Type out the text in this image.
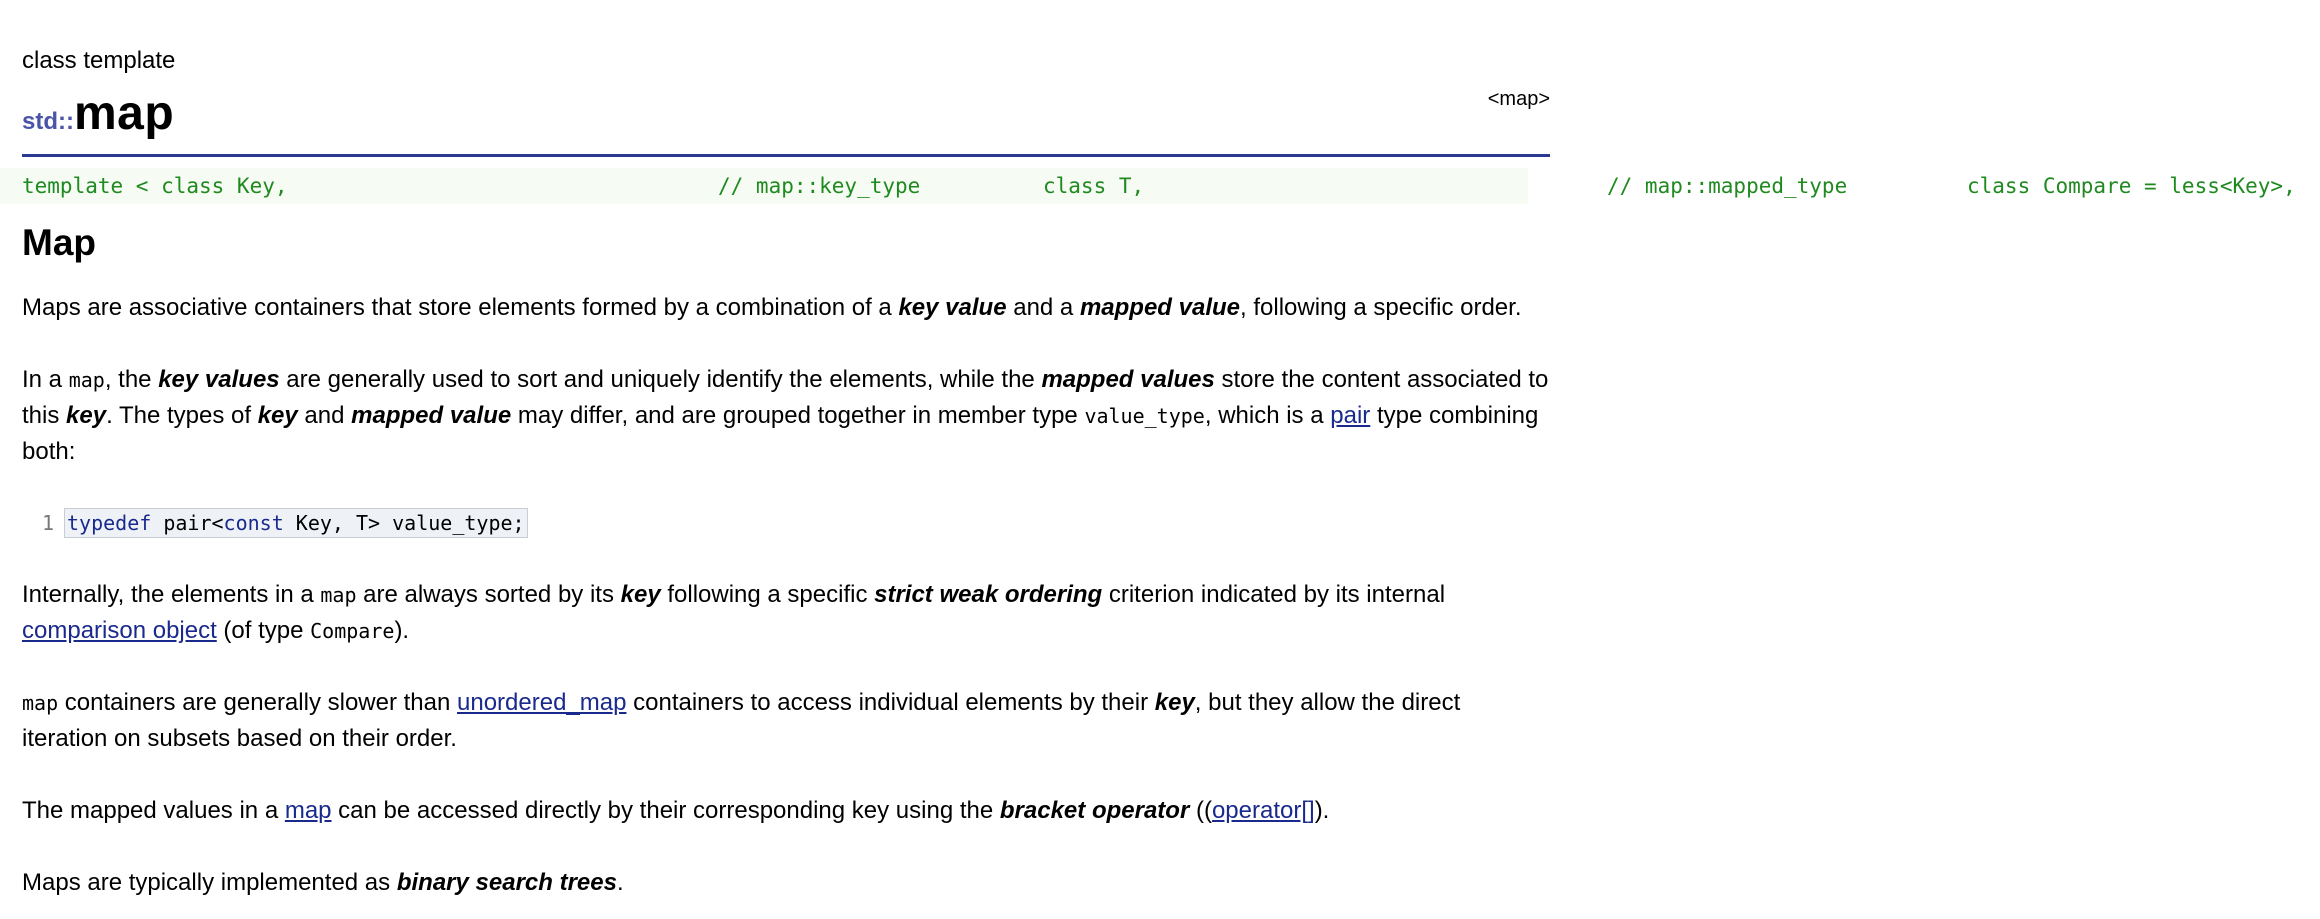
template < class Key,

	// map::key_type

	class T,

	// map::mapped_type

	class Compare = less<Key>,

class template
std::map	<map>
Map

Maps are associative containers that store elements formed by a combination of a key value and a mapped value, following a specific order.

In a map, the key values are generally used to sort and uniquely identify the elements, while the mapped values store the content associated to this key. The types of key and mapped value may differ, and are grouped together in member type value_type, which is a pair type combining both:

1 typedef pair<const Key, T> value_type;

Internally, the elements in a map are always sorted by its key following a specific strict weak ordering criterion indicated by its internal comparison object (of type Compare).

map containers are generally slower than unordered_map containers to access individual elements by their key, but they allow the direct iteration on subsets based on their order.

The mapped values in a map can be accessed directly by their corresponding key using the bracket operator ((operator[]).

Maps are typically implemented as binary search trees.
